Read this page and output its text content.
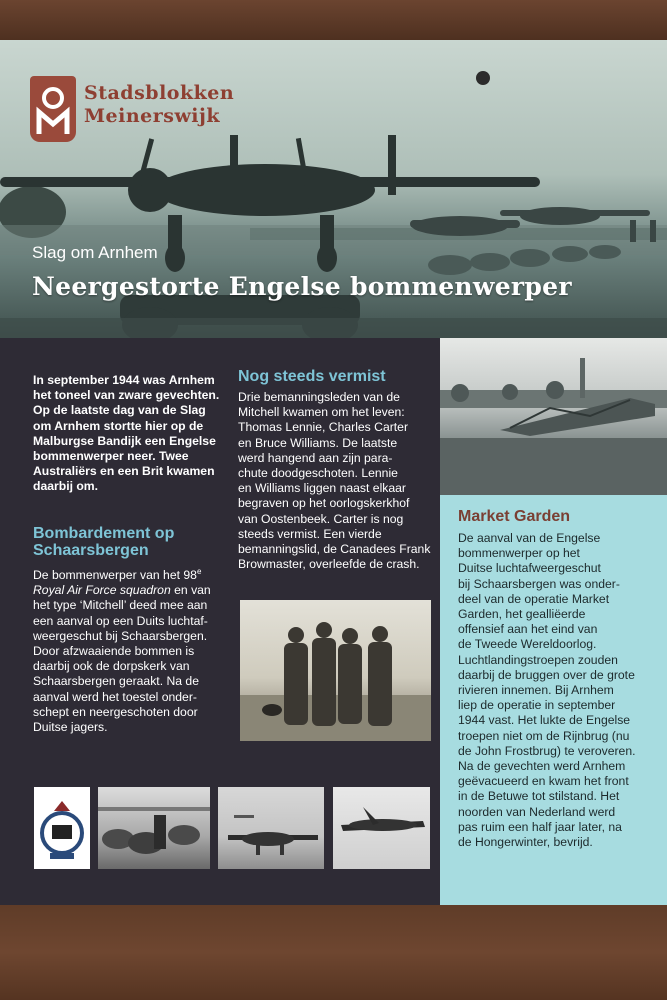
Stadsblokken
Meinerswijk
Slag om Arnhem
Neergestorte Engelse bommenwerper
In september 1944 was Arnhem
het toneel van zware gevechten.
Op de laatste dag van de Slag
om Arnhem stortte hier op de
Malburgse Bandijk een Engelse
bommenwerper neer. Twee
Australiërs en een Brit kwamen
daarbij om.
Bombardement op
Schaarsbergen
De bommenwerper van het 98e
Royal Air Force squadron en van
het type ‘Mitchell’ deed mee aan
een aanval op een Duits luchtaf-
weergeschut bij Schaarsbergen.
Door afzwaaiende bommen is
daarbij ook de dorpskerk van
Schaarsbergen geraakt. Na de
aanval werd het toestel onder-
schept en neergeschoten door
Duitse jagers.
Nog steeds vermist
Drie bemanningsleden van de
Mitchell kwamen om het leven:
Thomas Lennie, Charles Carter
en Bruce Williams. De laatste
werd hangend aan zijn para-
chute doodgeschoten. Lennie
en Williams liggen naast elkaar
begraven op het oorlogskerkhof
van Oostenbeek. Carter is nog
steeds vermist. Een vierde
bemanningslid, de Canadees Frank
Browmaster, overleefde de crash.
Market Garden
De aanval van de Engelse
bommenwerper op het
Duitse luchtafweergeschut
bij Schaarsbergen was onder-
deel van de operatie Market
Garden, het gealliëerde
offensief aan het eind van
de Tweede Wereldoorlog.
Luchtlandingstroepen zouden
daarbij de bruggen over de grote
rivieren innemen. Bij Arnhem
liep de operatie in september
1944 vast. Het lukte de Engelse
troepen niet om de Rijnbrug (nu
de John Frostbrug) te veroveren.
Na de gevechten werd Arnhem
geëvacueerd en kwam het front
in de Betuwe tot stilstand. Het
noorden van Nederland werd
pas ruim een half jaar later, na
de Hongerwinter, bevrijd.
